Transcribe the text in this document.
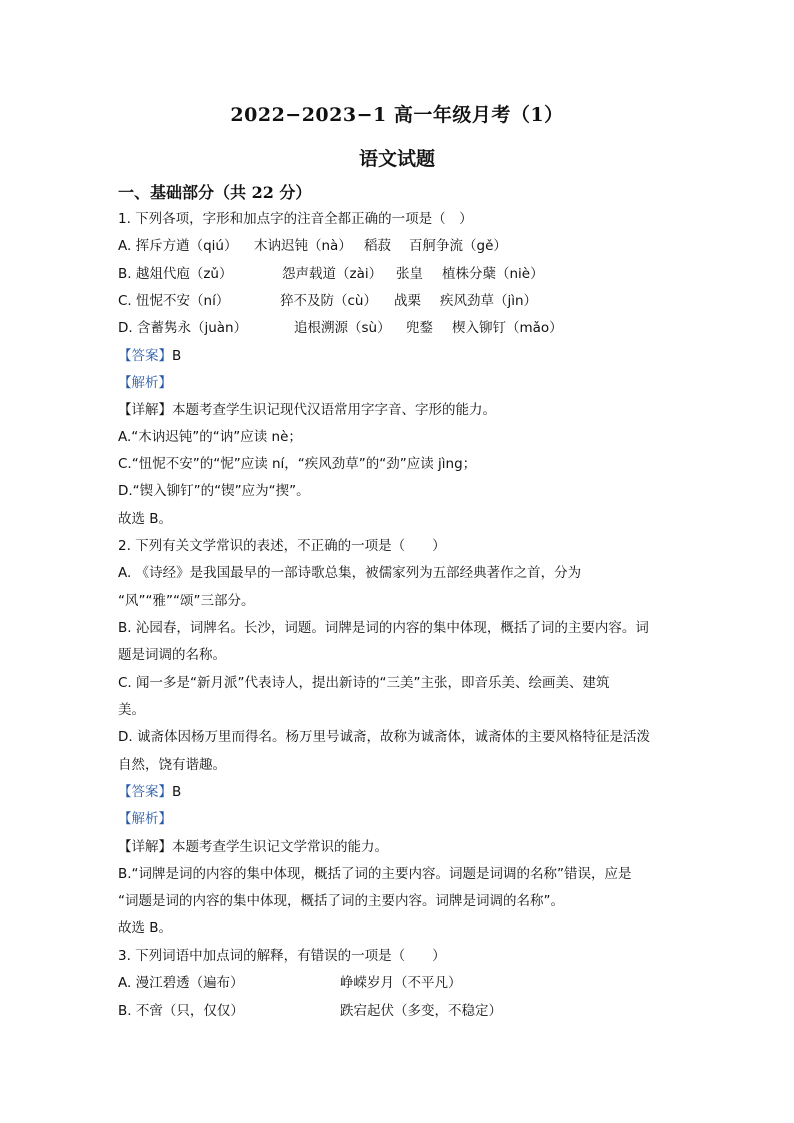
2022−2023−1 高一年级月考（1）
语文试题
一、基础部分（共 22 分）
1. 下列各项，字形和加点字的注音全都正确的一项是（　）
A. 挥斥方遒（qiú） 木讷迟钝（nà） 稻菽 百舸争流（gě）
B. 越俎代庖（zǔ）	怨声载道（zài） 张皇 植株分蘖（niè）
C. 忸怩不安（ní）	猝不及防（cù） 战栗 疾风劲草（jìn）
D. 含蓄隽永（juàn）	追根溯源（sù） 兜鍪 楔入铆钉（mǎo）
【答案】B
【解析】
【详解】本题考查学生识记现代汉语常用字字音、字形的能力。
A.“木讷迟钝”的“讷”应读 nè；
C.“忸怩不安”的“怩”应读 ní，“疾风劲草”的“劲”应读 jìng；
D.“锲入铆钉”的“锲”应为“揳”。
故选 B。
2. 下列有关文学常识的表述，不正确的一项是（　　）
A. 《诗经》是我国最早的一部诗歌总集，被儒家列为五部经典著作之首，分为
“风”“雅”“颂”三部分。
B. 沁园春，词牌名。长沙，词题。词牌是词的内容的集中体现，概括了词的主要内容。词
题是词调的名称。
C. 闻一多是“新月派”代表诗人，提出新诗的“三美”主张，即音乐美、绘画美、建筑
美。
D. 诚斋体因杨万里而得名。杨万里号诚斋，故称为诚斋体，诚斋体的主要风格特征是活泼
自然，饶有谐趣。
【答案】B
【解析】
【详解】本题考查学生识记文学常识的能力。
B.“词牌是词的内容的集中体现，概括了词的主要内容。词题是词调的名称”错误，应是
“词题是词的内容的集中体现，概括了词的主要内容。词牌是词调的名称”。
故选 B。
3. 下列词语中加点词的解释，有错误的一项是（　　）
A. 漫江碧透（遍布）	峥嵘岁月（不平凡）
B. 不啻（只，仅仅）	跌宕起伏（多变，不稳定）
